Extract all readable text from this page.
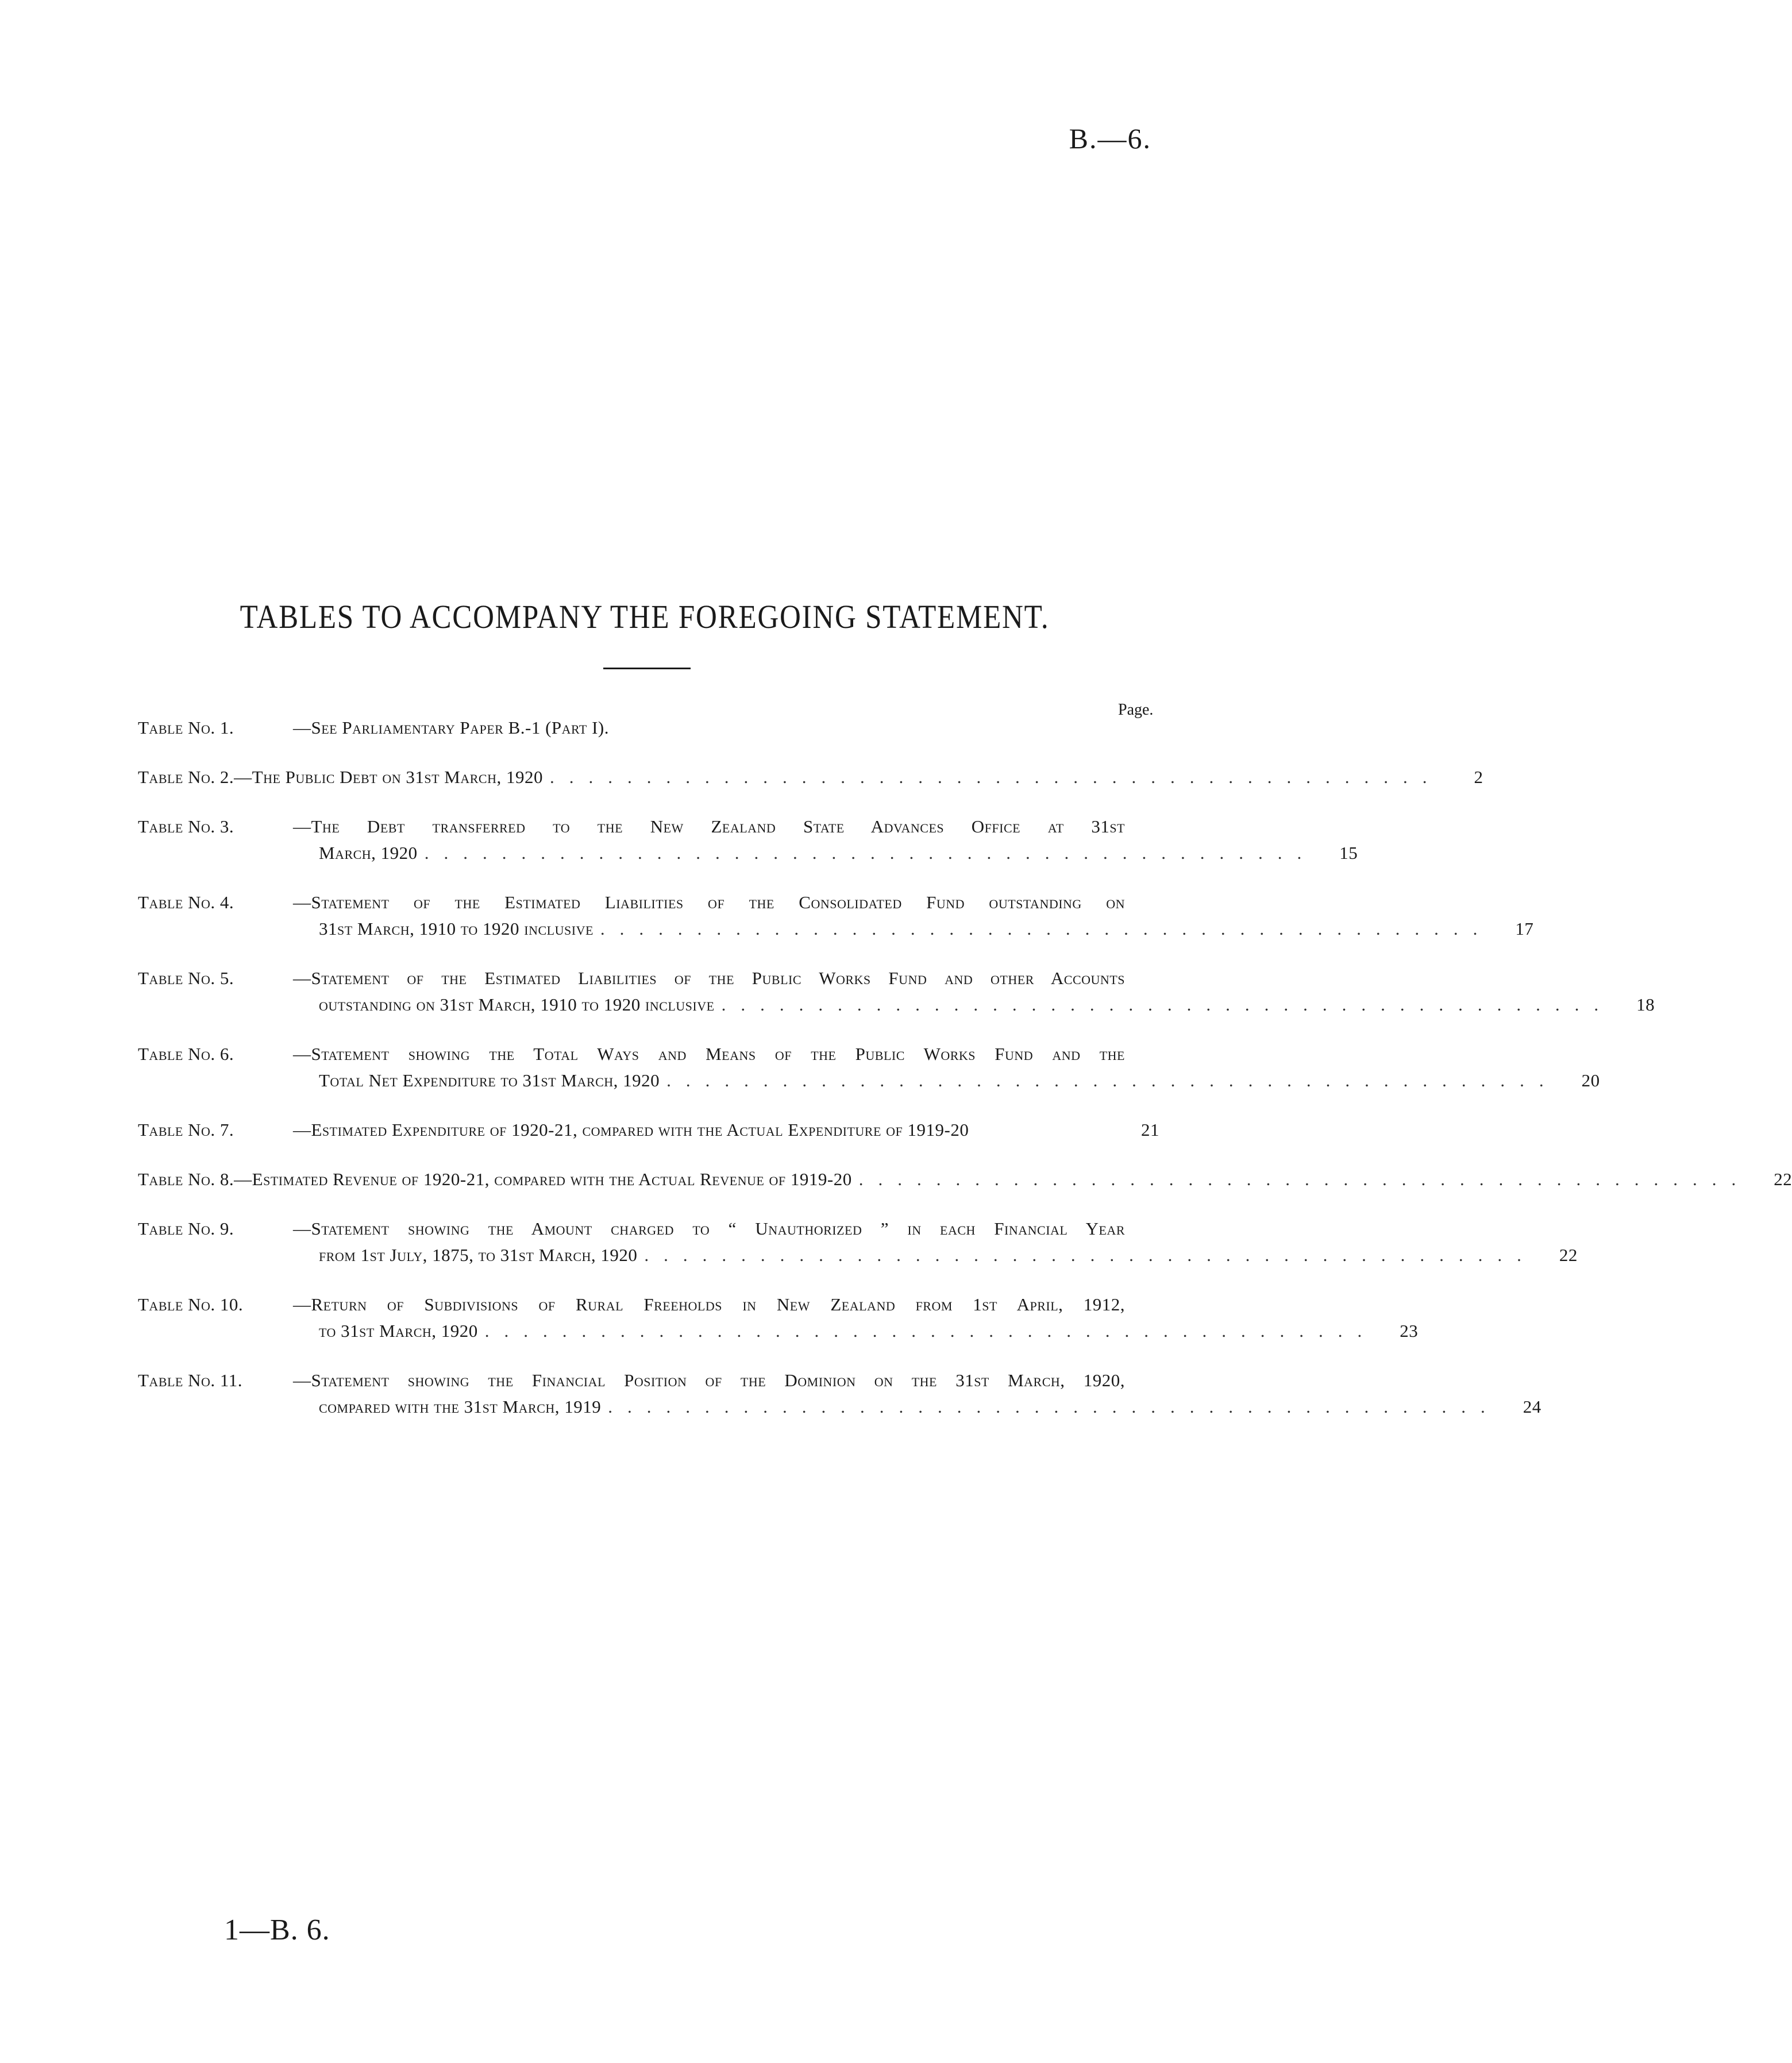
B.—6.
TABLES TO ACCOMPANY THE FOREGOING STATEMENT.
Page.
Table No. 1.	—See Parliamentary Paper B.-1 (Part I).
Table No. 2. —The Public Debt on 31st March, 1920 ..............................................	2
Table No. 3.	—The Debt transferred to the New Zealand State Advances Office at 31st
March, 1920 ..............................................	15
Table No. 4.	—Statement of the Estimated Liabilities of the Consolidated Fund outstanding on
31st March, 1910 to 1920 inclusive ..............................................	17
Table No. 5.	—Statement of the Estimated Liabilities of the Public Works Fund and other Accounts
outstanding on 31st March, 1910 to 1920 inclusive ..............................................	18
Table No. 6.	—Statement showing the Total Ways and Means of the Public Works Fund and the
Total Net Expenditure to 31st March, 1920 ..............................................	20
Table No. 7.	—Estimated Expenditure of 1920-21, compared with the Actual Expenditure of 1919-20	21
Table No. 8. —Estimated Revenue of 1920-21, compared with the Actual Revenue of 1919-20 ..............................................	22
Table No. 9.	—Statement showing the Amount charged to “ Unauthorized ” in each Financial Year
from 1st July, 1875, to 31st March, 1920 ..............................................	22
Table No. 10.	—Return of Subdivisions of Rural Freeholds in New Zealand from 1st April, 1912,
to 31st March, 1920 ..............................................	23
Table No. 11.	—Statement showing the Financial Position of the Dominion on the 31st March, 1920,
compared with the 31st March, 1919 ..............................................	24
1—B. 6.
